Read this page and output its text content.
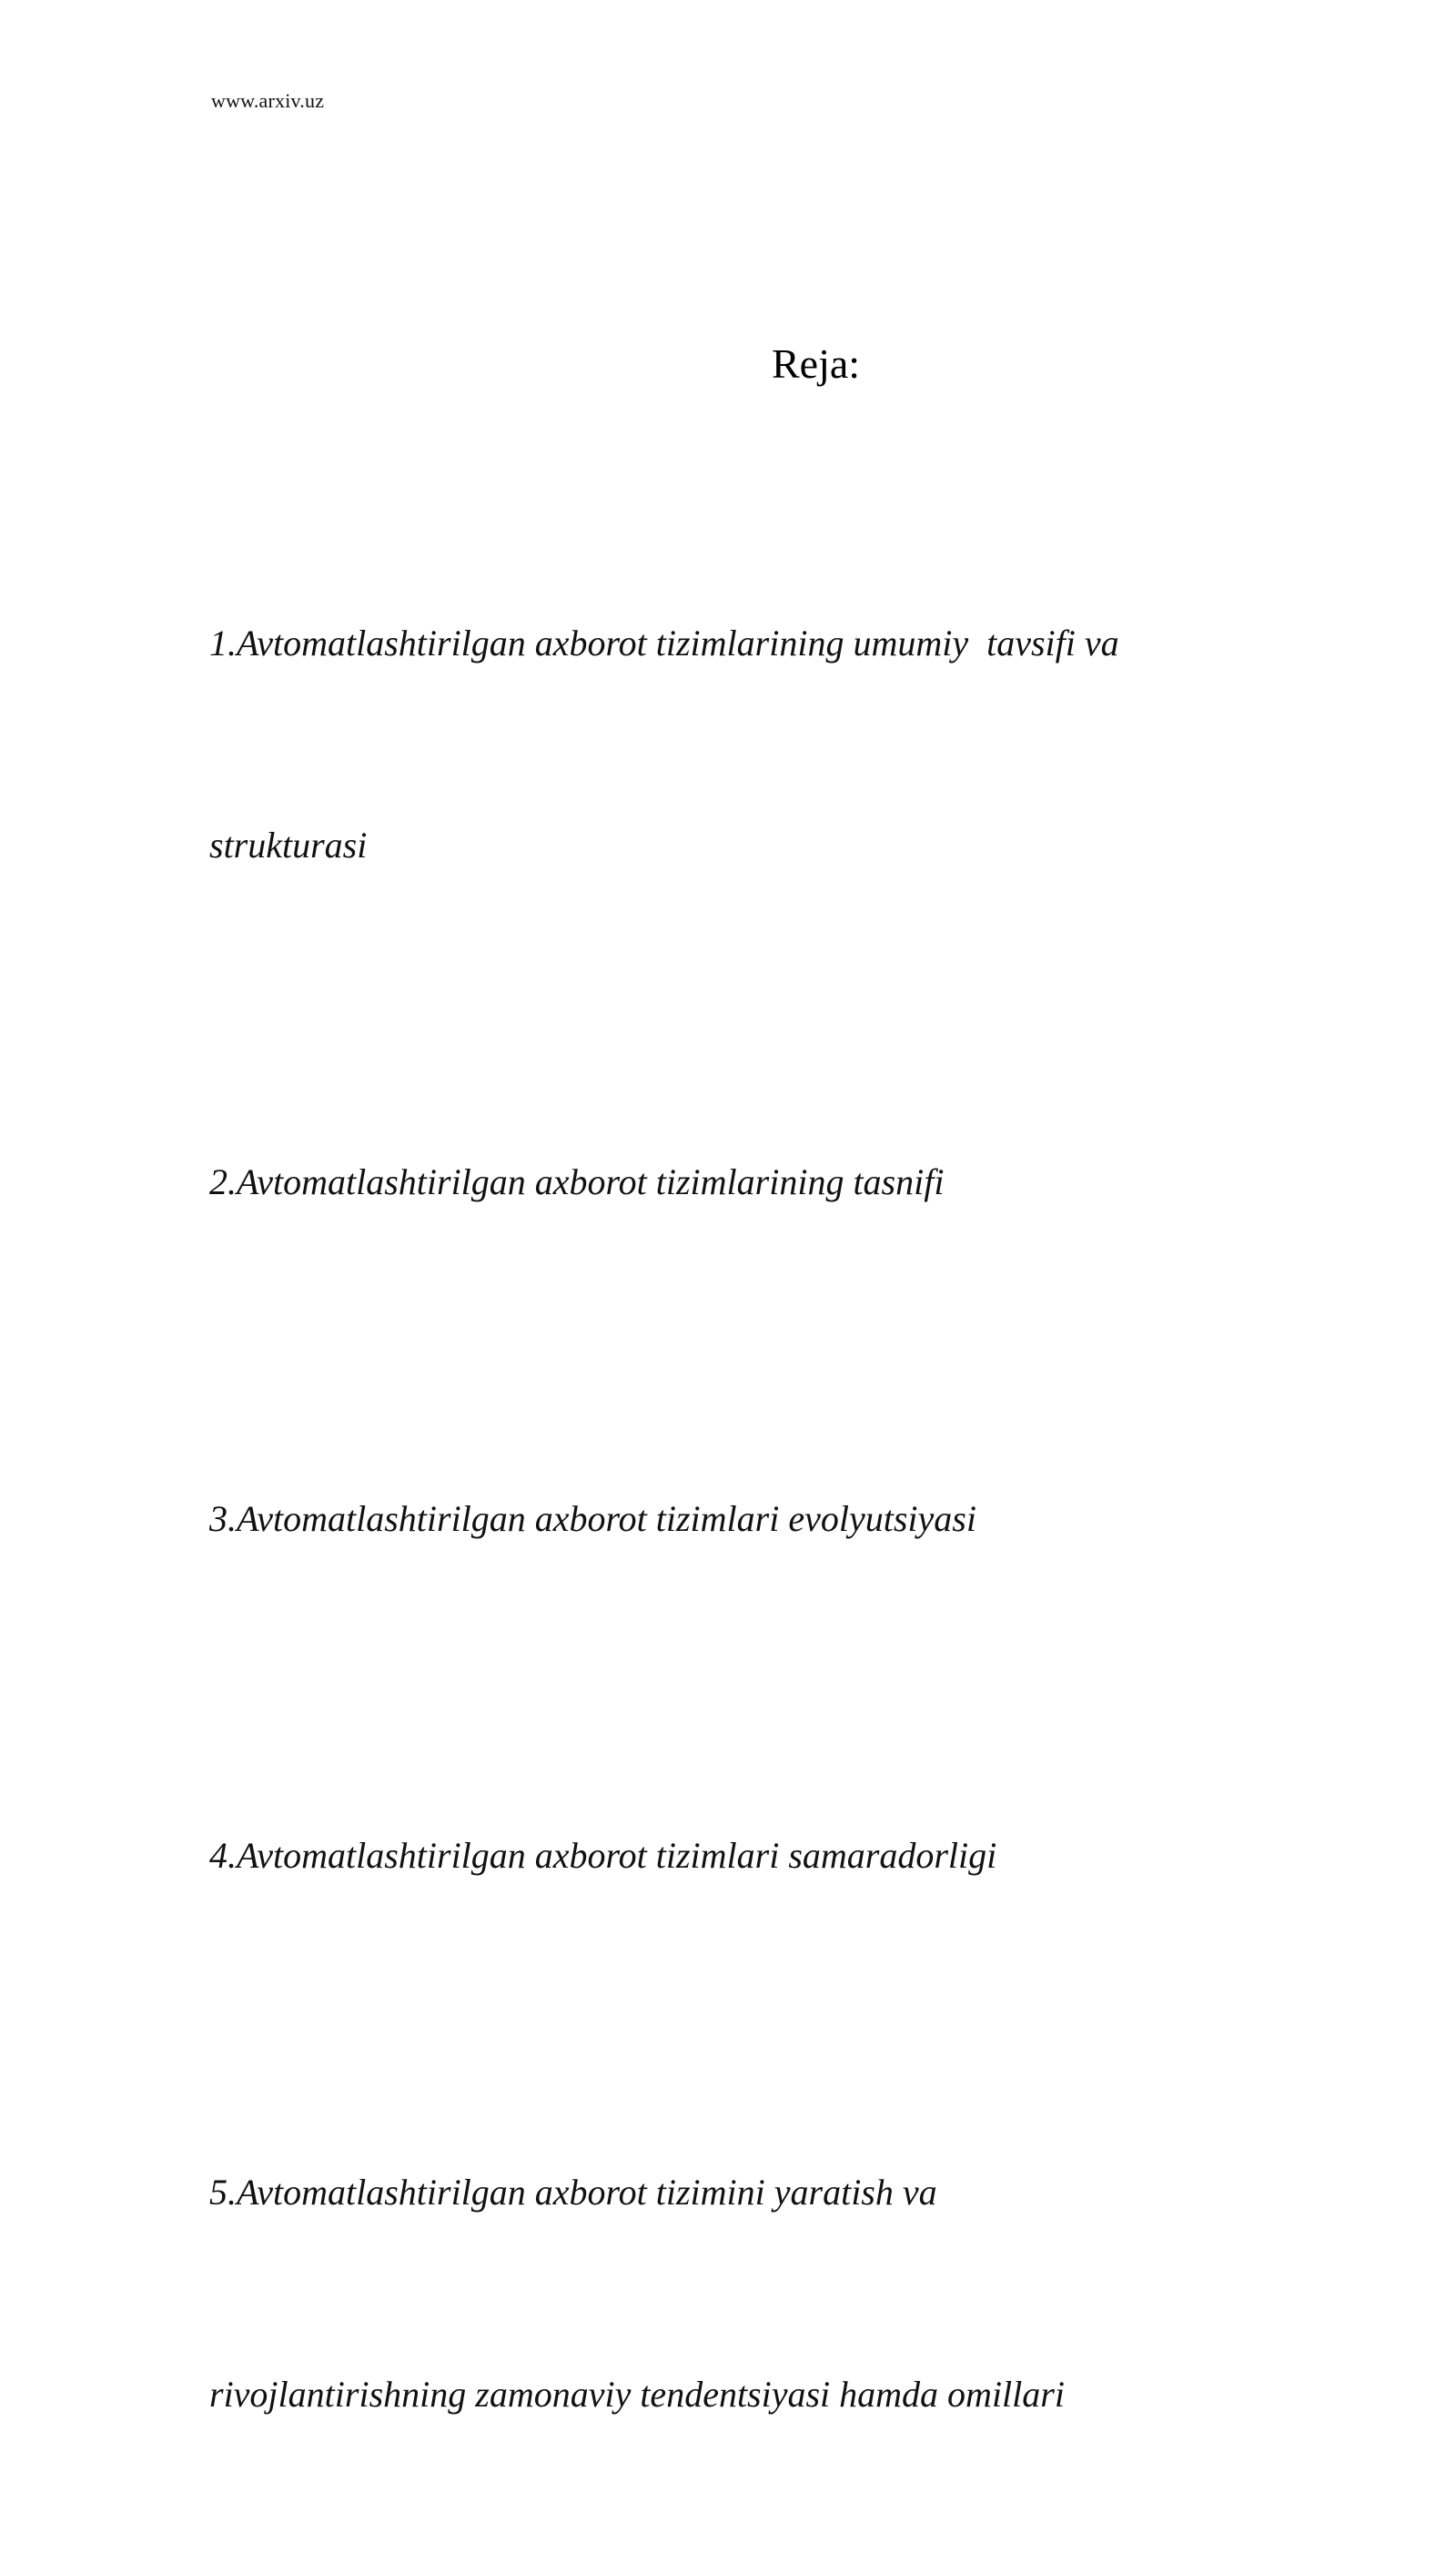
www.arxiv.uz
Reja:

1.Avtomatlashtirilgan axborot tizimlarining umumiy  tavsifi va

strukturasi

2.Avtomatlashtirilgan axborot tizimlarining tasnifi

3.Avtomatlashtirilgan axborot tizimlari evolyutsiyasi

4.Avtomatlashtirilgan axborot tizimlari samaradorligi

5.Avtomatlashtirilgan axborot tizimini yaratish va

rivojlantirishning zamonaviy tendentsiyasi hamda omillari
